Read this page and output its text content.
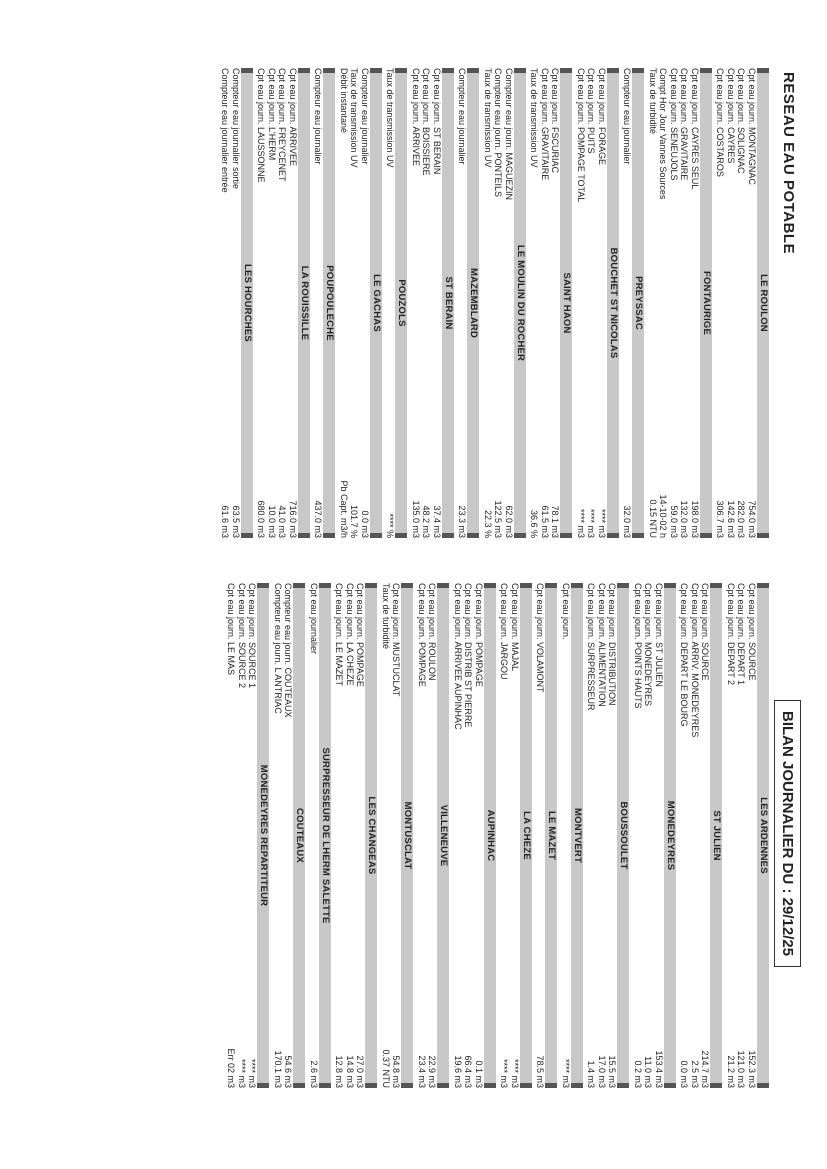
RESEAU EAU POTABLE
BILAN JOURNALIER DU : 29/12/25
LE ROULON
Cpt eau journ. MONTAGNAC
754.0 m3
Cpt eau journ. SOLIGNAC
282.0 m3
Cpt eau journ. CAYRES
142.6 m3
Cpt eau journ. COSTAROS
306.7 m3
FONTAURIGE
Cpt eau journ. CAYRES SEUL
198.0 m3
Cpt eau journ. GRAVITAIRE
132.0 m3
Cpt eau journ. SENEUJOLS
59.0 m3
Compt Hor Jour Vannes Sources
14-10-02 h
Taux de turbidité
0.15 NTU
PREYSSAC
Compteur eau journalier
32.0 m3
BOUCHET ST NICOLAS
Cpt eau journ. FORAGE
**** m3
Cpt eau journ. PUITS
**** m3
Cpt eau journ. POMPAGE TOTAL
**** m3
SAINT HAON
Cpt eau journ. FSCURIAC
78.1 m3
Cpt eau journ. GRAVITAIRE
61.5 m3
Taux de transmission UV
36.6 %
LE MOULIN DU ROCHER
Compteur eau journ. MAGUEZIN
62.0 m3
Compteur eau journ. PONTEILS
122.5 m3
Taux de transmission UV
22.3 %
MAZEMBLARD
Compteur eau journalier
23.3 m3
ST BERAIN
Cpt eau journ. ST BERAIN
37.4 m3
Cpt eau journ. BOISSIERE
48.2 m3
Cpt eau journ. ARRIVEE
135.0 m3
POUZOLS
Taux de transmission UV
**** %
LE GACHAS
Compteur eau journalier
0.0 m3
Taux de transmission UV
101.7 %
Débit instantané
Pb Capt. m3/h
POUPOULECHE
Compteur eau journalier
437.0 m3
LA ROUISSILLE
Cpt eau journ. ARRIVEE
716.0 m3
Cpt eau journ. FREYCENET
41.0 m3
Cpt eau journ. L'HERM
10.0 m3
Cpt eau journ. LAUSSONNE
680.0 m3
LES HOURCHES
Compteur eau journalier sortie
63.5 m3
Compteur eau journalier entrée
61.6 m3
LES ARDENNES
Cpt eau journ. SOURCE
152.3 m3
Cpt eau journ. DEPART 1
121.0 m3
Cpt eau journ. DEPART 2
21.2 m3
ST JULIEN
Cpt eau journ. SOURCE
214.7 m3
Cpt eau journ. ARRIV. MONEDEYRES
2.5 m3
Cpt eau journ. DEPART LE BOURG
0.0 m3
MONEDEYRES
Cpt eau journ. ST JULIEN
153.4 m3
Cpt eau journ. MONEDEYRES
11.0 m3
Cpt eau journ. POINTS HAUTS
0.2 m3
BOUSSOULET
Cpt eau journ. DISTRIBUTION
15.5 m3
Cpt eau journ. ALIMENTATION
17.0 m3
Cpt eau journ. SURPRESSEUR
1.4 m3
MONTVERT
Cpt eau journ.
**** m3
LE MAZET
Cpt eau journ. VOLAMONT
78.5 m3
LA CHEZE
Cpt eau journ. MAJAL
**** m3
Cpt eau journ. JARGOU
**** m3
AUPINHAC
Cpt eau journ. POMPAGE
0.1 m3
Cpt eau journ. DISTRIB ST PIERRE
66.4 m3
Cpt eau journ. ARRIVEE AUPINHAC
19.6 m3
VILLENEUVE
Cpt eau journ. ROULON
22.9 m3
Cpt eau journ. POMPAGE
23.4 m3
MONTUSCLAT
Cpt eau journ. MUSTUCLAT
54.8 m3
Taux de turbidité
0.37 NTU
LES CHANGEAS
Cpt eau journ. POMPAGE
27.0 m3
Cpt eau journ. LA CHEZE
14.8 m3
Cpt eau journ. LE MAZET
12.8 m3
SURPRESSEUR DE LHERM SALETTE
Cpt eau journalier
2.6 m3
COUTEAUX
Compteur eau journ. COUTEAUX
54.6 m3
Compteur eau journ. L ANTRIAC
170.1 m3
MONEDEYRES REPARTITEUR
Cpt eau journ. SOURCE 1
**** m3
Cpt eau journ. SOURCE 2
**** m3
Cpt eau journ. LE MAS
Err 02 m3
